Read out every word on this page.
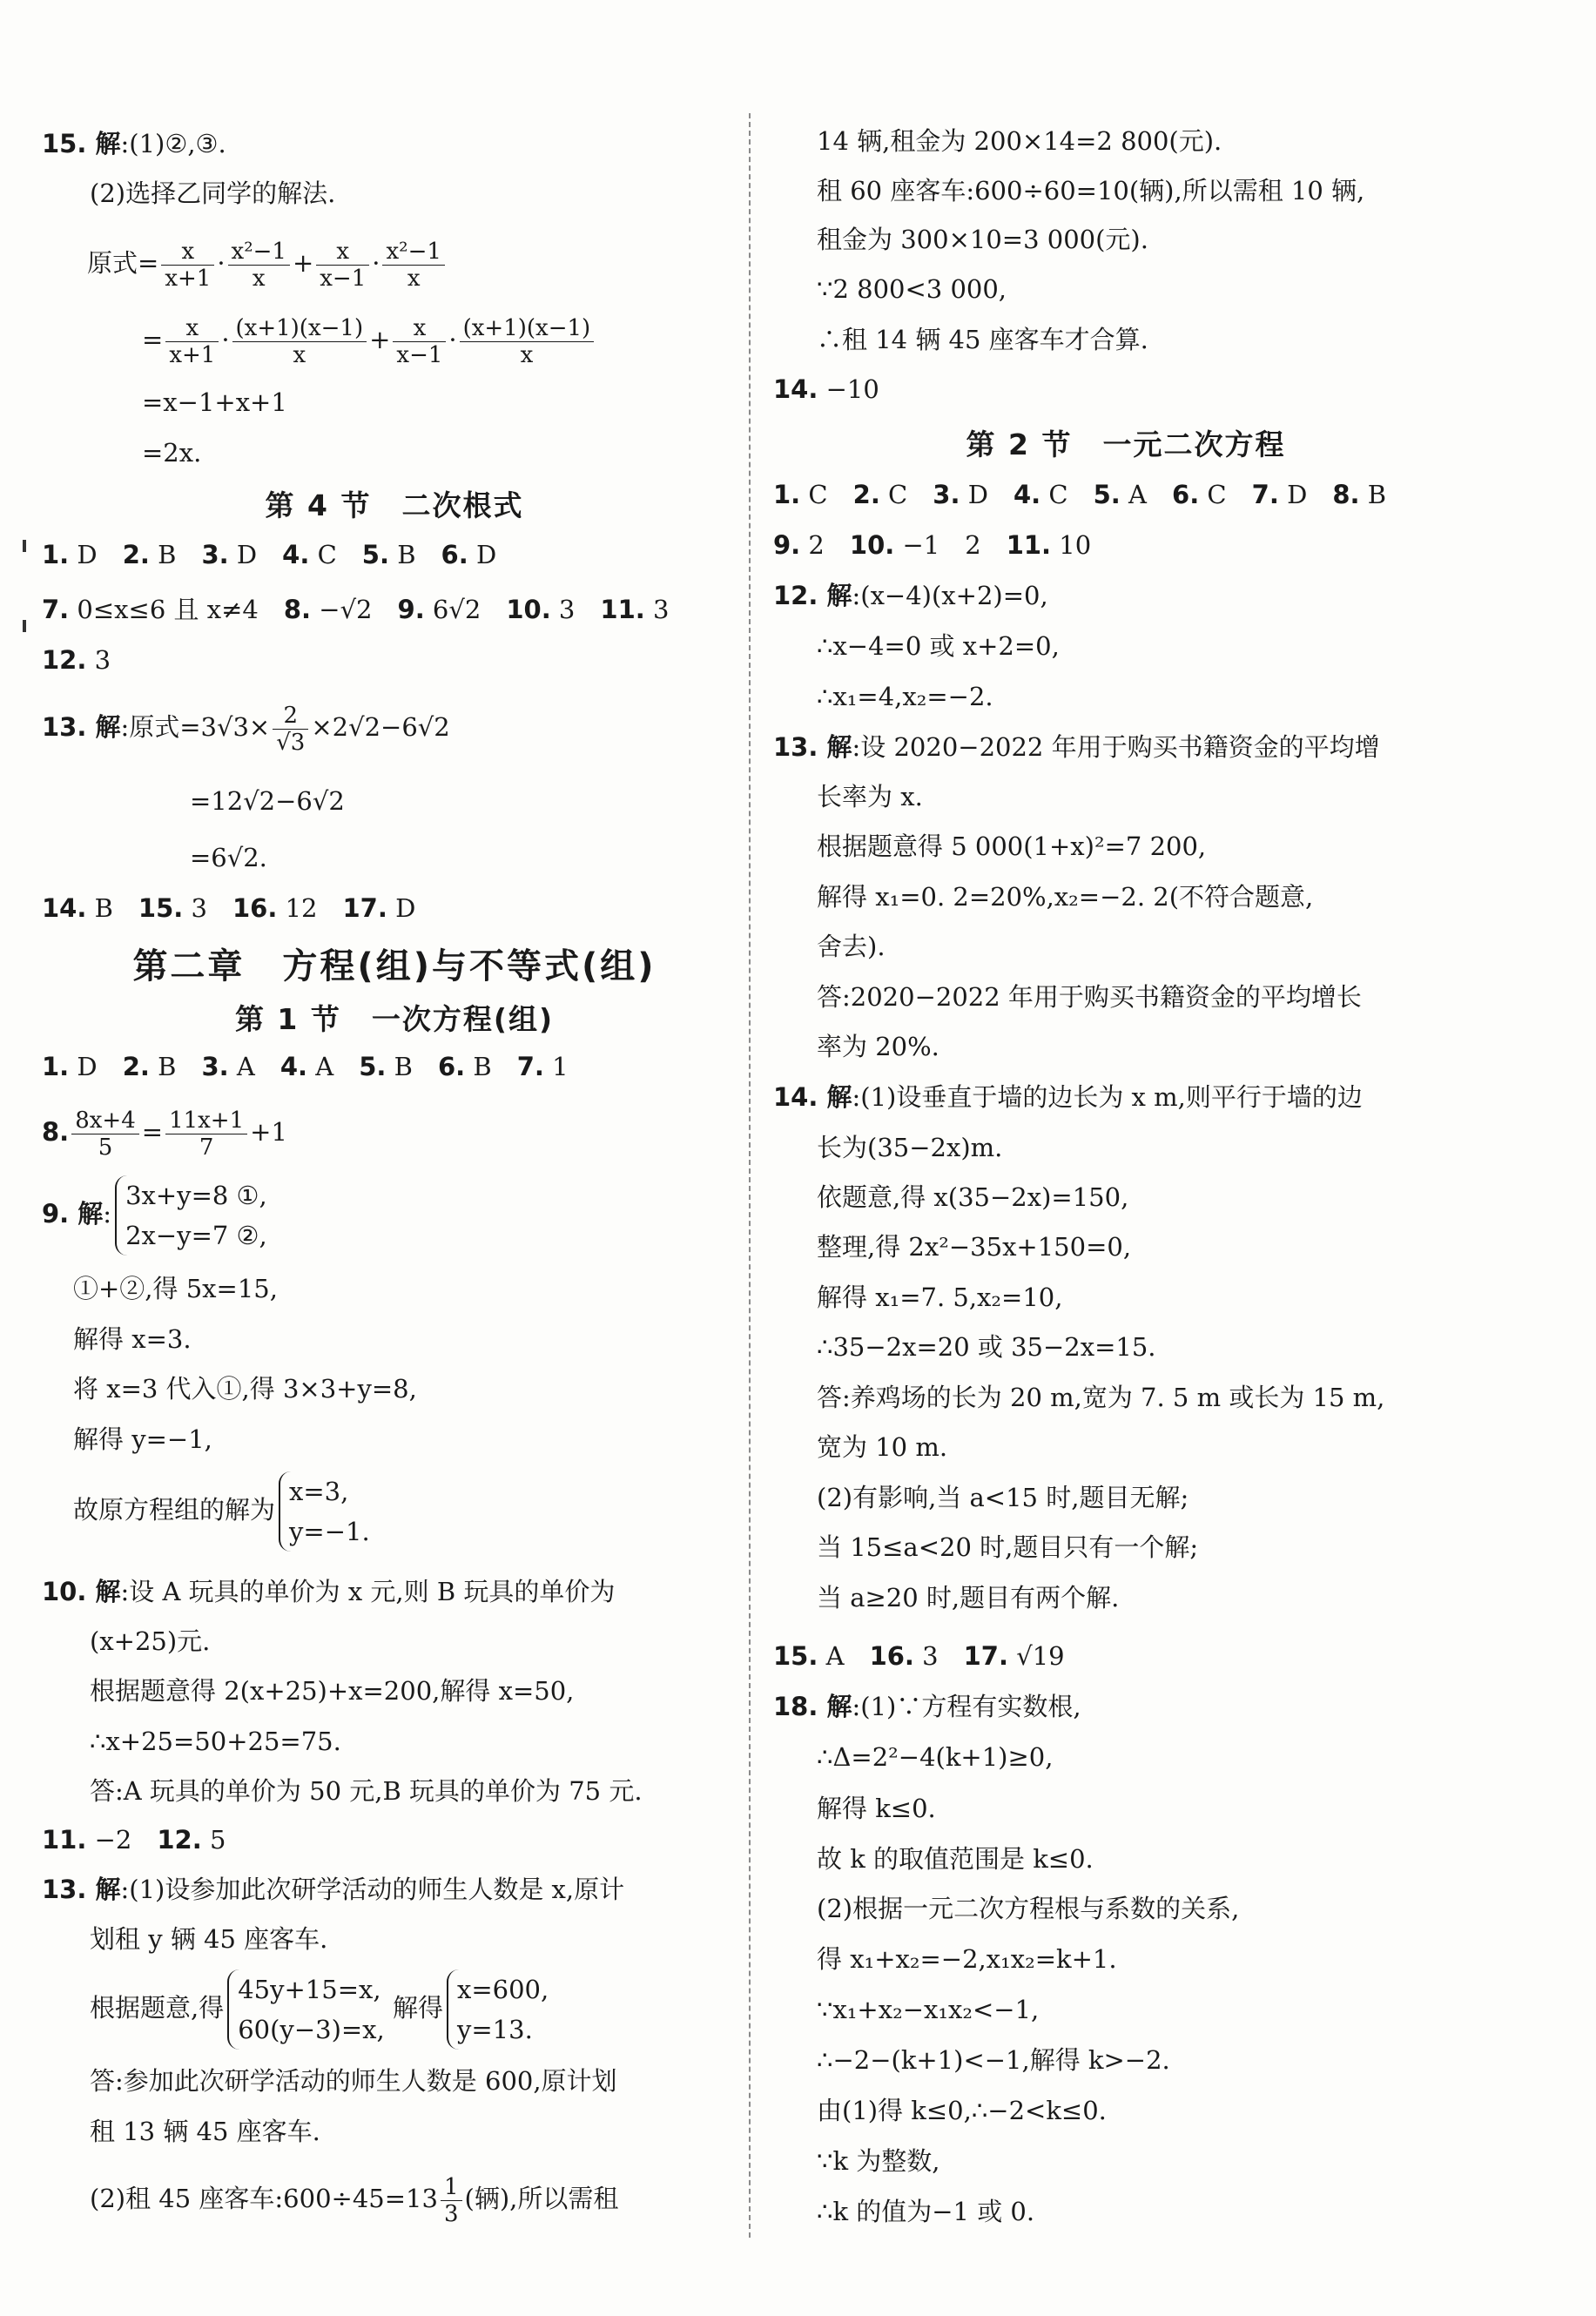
15. 解:(1)②,③.
(2)选择乙同学的解法.
原式= $\frac{x}{x+1} \cdot \frac{\text{x²−1}}{x} + \frac{x}{x-1} \cdot \frac{\text{x²−1}}{x}$
= $\frac{x}{x+1} \cdot \frac{(x+1)(x-1)}{x} + \frac{x}{x-1} \cdot \frac{(x+1)(x-1)}{x}$
=x−1+x+1
=2x.
第 4 节　二次根式
1. D　 2. B　 3. D　 4. C　 5. B　 6. D
7. 0≤x≤6 且 x≠4　 8. −√2　 9. 6√2　 10. 3　 11. 3
12. 3
13. 解:原式$=3√3\times \frac{2}{√3} \times 2√2-6√2$
=12√2−6√2
=6√2.
14. B　 15. 3　 16. 12　 17. D
第二章　方程(组)与不等式(组)
第 1 节　一次方程(组)
1. D　 2. B　 3. A　 4. A　 5. B　 6. B　 7. 1
8. $\frac{8x+4}{5} = \frac{11x+1}{7} +1$
9. 解:
3x+y=8 ①,
2x−y=7 ②,
①+②,得 5x=15,
解得 x=3.
将 x=3 代入①,得 3×3+y=8,
解得 y=−1,
故原方程组的解为
x=3,
y=−1.
10. 解:设 A 玩具的单价为 x 元,则 B 玩具的单价为
(x+25)元.
根据题意得 2(x+25)+x=200,解得 x=50,
∴x+25=50+25=75.
答:A 玩具的单价为 50 元,B 玩具的单价为 75 元.
11. −2　 12. 5
13. 解:(1)设参加此次研学活动的师生人数是 x,原计
划租 y 辆 45 座客车.
根据题意,得
45y+15=x,
60(y−3)=x,
解得
x=600,
y=13.
答:参加此次研学活动的师生人数是 600,原计划
租 13 辆 45 座客车.
(2)租 45 座客车:600÷45=13 $\frac{1}{3}$ (辆),所以需租
14 辆,租金为 200×14=2 800(元).
租 60 座客车:600÷60=10(辆),所以需租 10 辆,
租金为 300×10=3 000(元).
∵2 800<3 000,
∴租 14 辆 45 座客车才合算.
14. −10
第 2 节　一元二次方程
1. C　 2. C　 3. D　 4. C　 5. A　 6. C　 7. D　 8. B
9. 2　 10. −1　2　 11. 10
12. 解:(x−4)(x+2)=0,
∴x−4=0 或 x+2=0,
∴x₁=4,x₂=−2.
13. 解:设 2020−2022 年用于购买书籍资金的平均增
长率为 x.
根据题意得 5 000(1+x)²=7 200,
解得 x₁=0. 2=20%,x₂=−2. 2(不符合题意,
舍去).
答:2020−2022 年用于购买书籍资金的平均增长
率为 20%.
14. 解:(1)设垂直于墙的边长为 x m,则平行于墙的边
长为(35−2x)m.
依题意,得 x(35−2x)=150,
整理,得 2x²−35x+150=0,
解得 x₁=7. 5,x₂=10,
∴35−2x=20 或 35−2x=15.
答:养鸡场的长为 20 m,宽为 7. 5 m 或长为 15 m,
宽为 10 m.
(2)有影响,当 a<15 时,题目无解;
当 15≤a<20 时,题目只有一个解;
当 a≥20 时,题目有两个解.
15. A　 16. 3　 17. √19
18. 解:(1)∵方程有实数根,
∴Δ=2²−4(k+1)≥0,
解得 k≤0.
故 k 的取值范围是 k≤0.
(2)根据一元二次方程根与系数的关系,
得 x₁+x₂=−2,x₁x₂=k+1.
∵x₁+x₂−x₁x₂<−1,
∴−2−(k+1)<−1,解得 k>−2.
由(1)得 k≤0,∴−2<k≤0.
∵k 为整数,
∴k 的值为−1 或 0.
